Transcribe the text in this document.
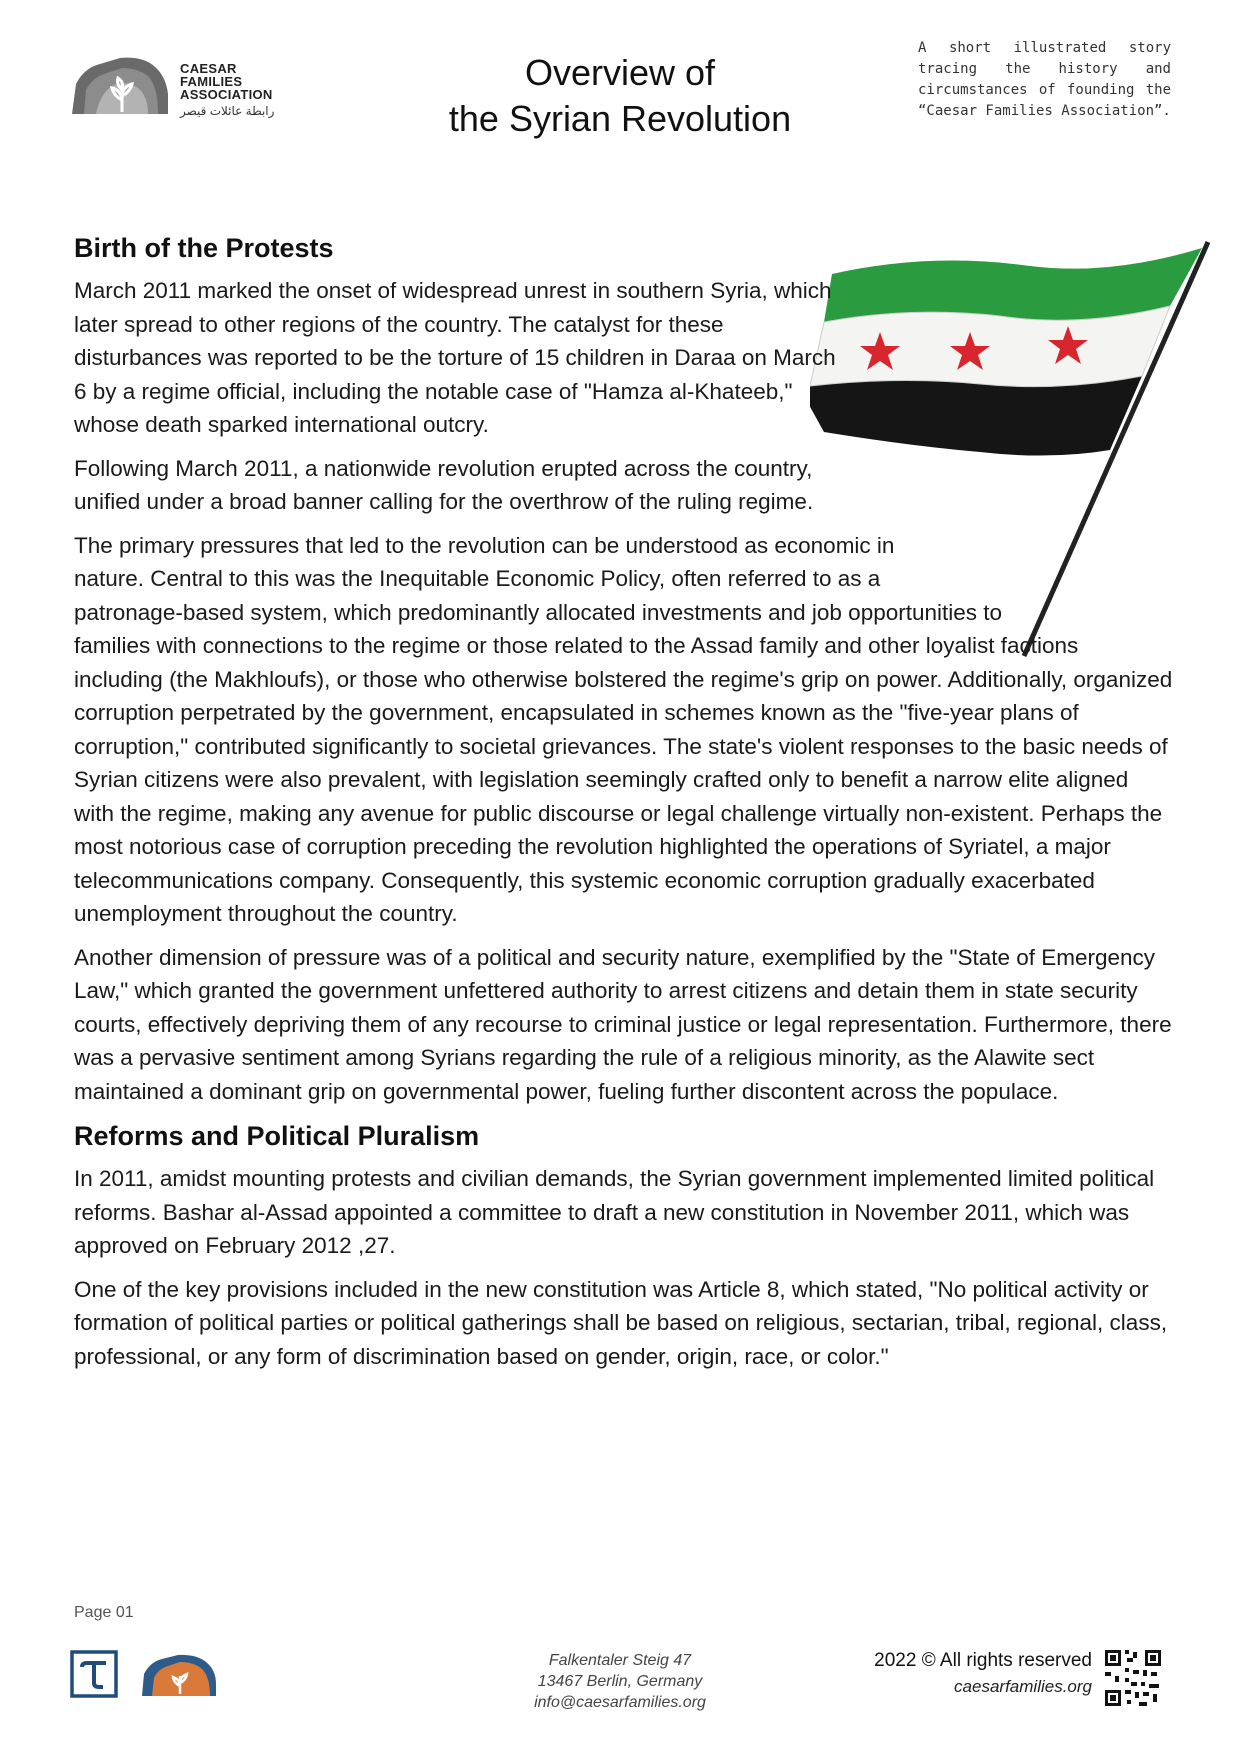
CAESAR
FAMILIES
ASSOCIATION
رابطة عائلات قيصر
Overview of
the Syrian Revolution
A short illustrated story tracing the history and circumstances of founding the “Caesar Families Association”.
Birth of the Protests

March 2011 marked the onset of widespread unrest in southern Syria, which later spread to other regions of the country. The catalyst for these disturbances was reported to be the torture of 15 children in Daraa on March 6 by a regime official, including the notable case of "Hamza al-Khateeb," whose death sparked international outcry.

Following March 2011, a nationwide revolution erupted across the country, unified under a broad banner calling for the overthrow of the ruling regime.

The primary pressures that led to the revolution can be understood as economic in nature. Central to this was the Inequitable Economic Policy, often referred to as a patronage-based system, which predominantly allocated investments and job opportunities to families with connections to the regime or those related to the Assad family and other loyalist factions including (the Makhloufs), or those who otherwise bolstered the regime's grip on power. Additionally, organized corruption perpetrated by the government, encapsulated in schemes known as the "five-year plans of corruption," contributed significantly to societal grievances. The state's violent responses to the basic needs of Syrian citizens were also prevalent, with legislation seemingly crafted only to benefit a narrow elite aligned with the regime, making any avenue for public discourse or legal challenge virtually non-existent. Perhaps the most notorious case of corruption preceding the revolution highlighted the operations of Syriatel, a major telecommunications company. Consequently, this systemic economic corruption gradually exacerbated unemployment throughout the country.

Another dimension of pressure was of a political and security nature, exemplified by the "State of Emergency Law," which granted the government unfettered authority to arrest citizens and detain them in state security courts, effectively depriving them of any recourse to criminal justice or legal representation. Furthermore, there was a pervasive sentiment among Syrians regarding the rule of a religious minority, as the Alawite sect maintained a dominant grip on governmental power, fueling further discontent across the populace.

Reforms and Political Pluralism

In 2011, amidst mounting protests and civilian demands, the Syrian government implemented limited political reforms. Bashar al-Assad appointed a committee to draft a new constitution in November 2011, which was approved on February 2012 ,27.

One of the key provisions included in the new constitution was Article 8, which stated, "No political activity or formation of political parties or political gatherings shall be based on religious, sectarian, tribal, regional, class, professional, or any form of discrimination based on gender, origin, race, or color."

Page 01
Falkentaler Steig 47
13467 Berlin, Germany
info@caesarfamilies.org
2022 © All rights reserved
caesarfamilies.org
